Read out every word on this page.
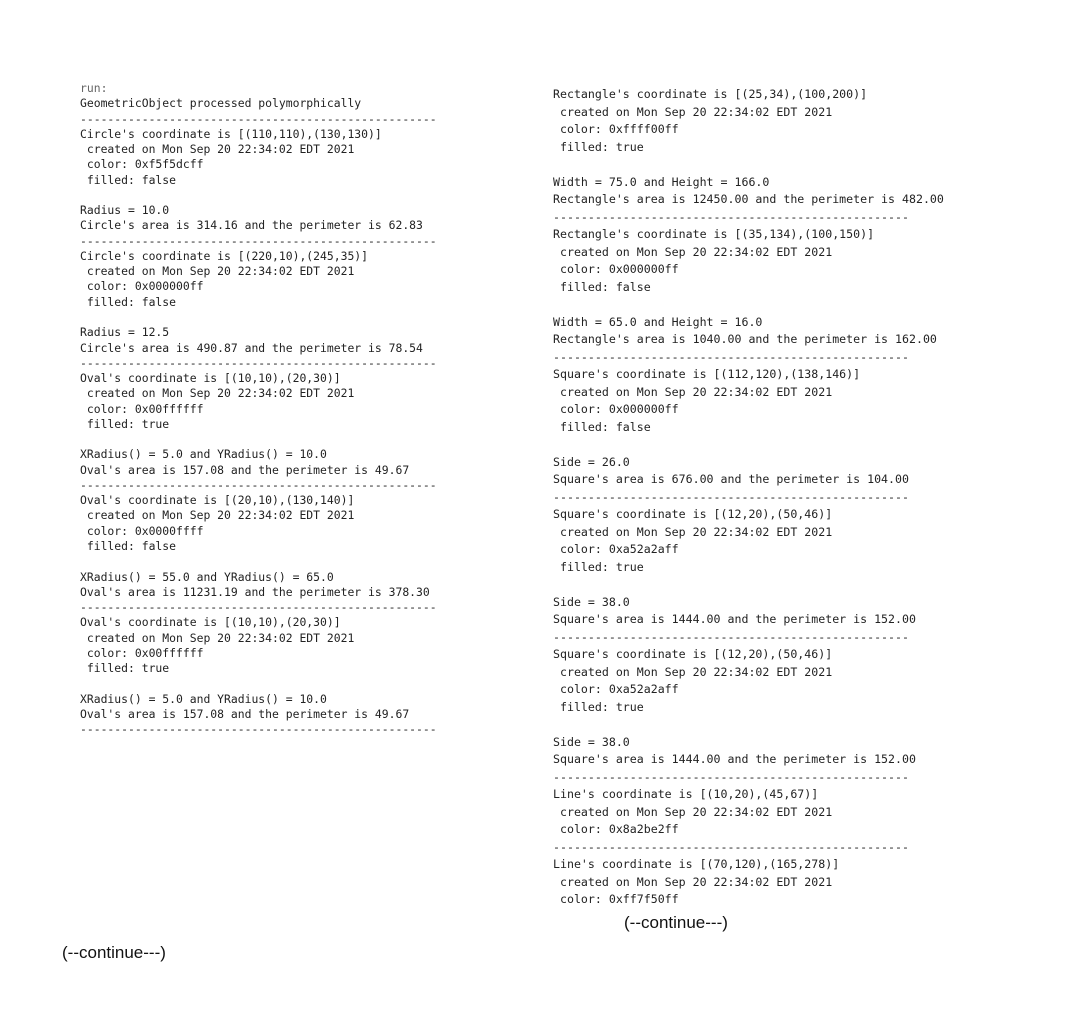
run:
GeometricObject processed polymorphically
----------------------------------------------------
Circle's coordinate is [(110,110),(130,130)]
created on Mon Sep 20 22:34:02 EDT 2021
color: 0xf5f5dcff
filled: false

Radius = 10.0
Circle's area is 314.16 and the perimeter is 62.83
----------------------------------------------------
Circle's coordinate is [(220,10),(245,35)]
created on Mon Sep 20 22:34:02 EDT 2021
color: 0x000000ff
filled: false

Radius = 12.5
Circle's area is 490.87 and the perimeter is 78.54
----------------------------------------------------
Oval's coordinate is [(10,10),(20,30)]
created on Mon Sep 20 22:34:02 EDT 2021
color: 0x00ffffff
filled: true

XRadius() = 5.0 and YRadius() = 10.0
Oval's area is 157.08 and the perimeter is 49.67
----------------------------------------------------
Oval's coordinate is [(20,10),(130,140)]
created on Mon Sep 20 22:34:02 EDT 2021
color: 0x0000ffff
filled: false

XRadius() = 55.0 and YRadius() = 65.0
Oval's area is 11231.19 and the perimeter is 378.30
----------------------------------------------------
Oval's coordinate is [(10,10),(20,30)]
created on Mon Sep 20 22:34:02 EDT 2021
color: 0x00ffffff
filled: true

XRadius() = 5.0 and YRadius() = 10.0
Oval's area is 157.08 and the perimeter is 49.67
----------------------------------------------------
Rectangle's coordinate is [(25,34),(100,200)]
created on Mon Sep 20 22:34:02 EDT 2021
color: 0xffff00ff
filled: true

Width = 75.0 and Height = 166.0
Rectangle's area is 12450.00 and the perimeter is 482.00
---------------------------------------------------
Rectangle's coordinate is [(35,134),(100,150)]
created on Mon Sep 20 22:34:02 EDT 2021
color: 0x000000ff
filled: false

Width = 65.0 and Height = 16.0
Rectangle's area is 1040.00 and the perimeter is 162.00
---------------------------------------------------
Square's coordinate is [(112,120),(138,146)]
created on Mon Sep 20 22:34:02 EDT 2021
color: 0x000000ff
filled: false

Side = 26.0
Square's area is 676.00 and the perimeter is 104.00
---------------------------------------------------
Square's coordinate is [(12,20),(50,46)]
created on Mon Sep 20 22:34:02 EDT 2021
color: 0xa52a2aff
filled: true

Side = 38.0
Square's area is 1444.00 and the perimeter is 152.00
---------------------------------------------------
Square's coordinate is [(12,20),(50,46)]
created on Mon Sep 20 22:34:02 EDT 2021
color: 0xa52a2aff
filled: true

Side = 38.0
Square's area is 1444.00 and the perimeter is 152.00
---------------------------------------------------
Line's coordinate is [(10,20),(45,67)]
created on Mon Sep 20 22:34:02 EDT 2021
color: 0x8a2be2ff
---------------------------------------------------
Line's coordinate is [(70,120),(165,278)]
created on Mon Sep 20 22:34:02 EDT 2021
color: 0xff7f50ff
(--continue---)
(--continue---)
